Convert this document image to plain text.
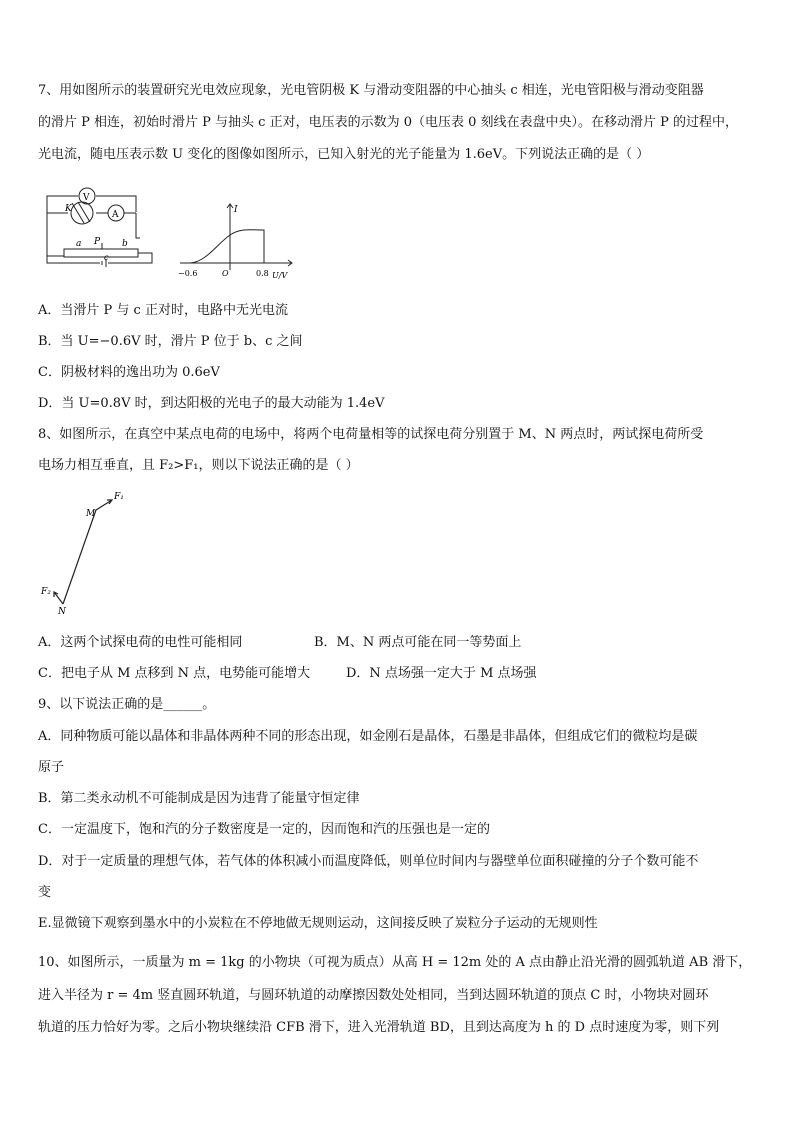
7、用如图所示的装置研究光电效应现象，光电管阴极 K 与滑动变阻器的中心抽头 c 相连，光电管阳极与滑动变阻器
的滑片 P 相连，初始时滑片 P 与抽头 c 正对，电压表的示数为 0（电压表 0 刻线在表盘中央）。在移动滑片 P 的过程中，
光电流，随电压表示数 U 变化的图像如图所示，已知入射光的光子能量为 1.6eV。下列说法正确的是（ ）
V
A
K
a P b
c
I
−0.6	O	0.8 U/V
A．当滑片 P 与 c 正对时，电路中无光电流
B．当 U=−0.6V 时，滑片 P 位于 b、c 之间
C．阴极材料的逸出功为 0.6eV
D．当 U=0.8V 时，到达阳极的光电子的最大动能为 1.4eV
8、如图所示，在真空中某点电荷的电场中，将两个电荷量相等的试探电荷分别置于 M、N 两点时，两试探电荷所受
电场力相互垂直，且 F₂>F₁，则以下说法正确的是（ ）
M
N
F₁
F₂
A．这两个试探电荷的电性可能相同	B．M、N 两点可能在同一等势面上
C．把电子从 M 点移到 N 点，电势能可能增大	D．N 点场强一定大于 M 点场强
9、以下说法正确的是______。
A．同种物质可能以晶体和非晶体两种不同的形态出现，如金刚石是晶体，石墨是非晶体，但组成它们的微粒均是碳
原子
B．第二类永动机不可能制成是因为违背了能量守恒定律
C．一定温度下，饱和汽的分子数密度是一定的，因而饱和汽的压强也是一定的
D．对于一定质量的理想气体，若气体的体积减小而温度降低，则单位时间内与器壁单位面积碰撞的分子个数可能不
变
E.显微镜下观察到墨水中的小炭粒在不停地做无规则运动，这间接反映了炭粒分子运动的无规则性
10、如图所示，一质量为 m = 1kg 的小物块（可视为质点）从高 H = 12m 处的 A 点由静止沿光滑的圆弧轨道 AB 滑下，
进入半径为 r = 4m 竖直圆环轨道，与圆环轨道的动摩擦因数处处相同，当到达圆环轨道的顶点 C 时，小物块对圆环
轨道的压力恰好为零。之后小物块继续沿 CFB 滑下，进入光滑轨道 BD，且到达高度为 h 的 D 点时速度为零，则下列
